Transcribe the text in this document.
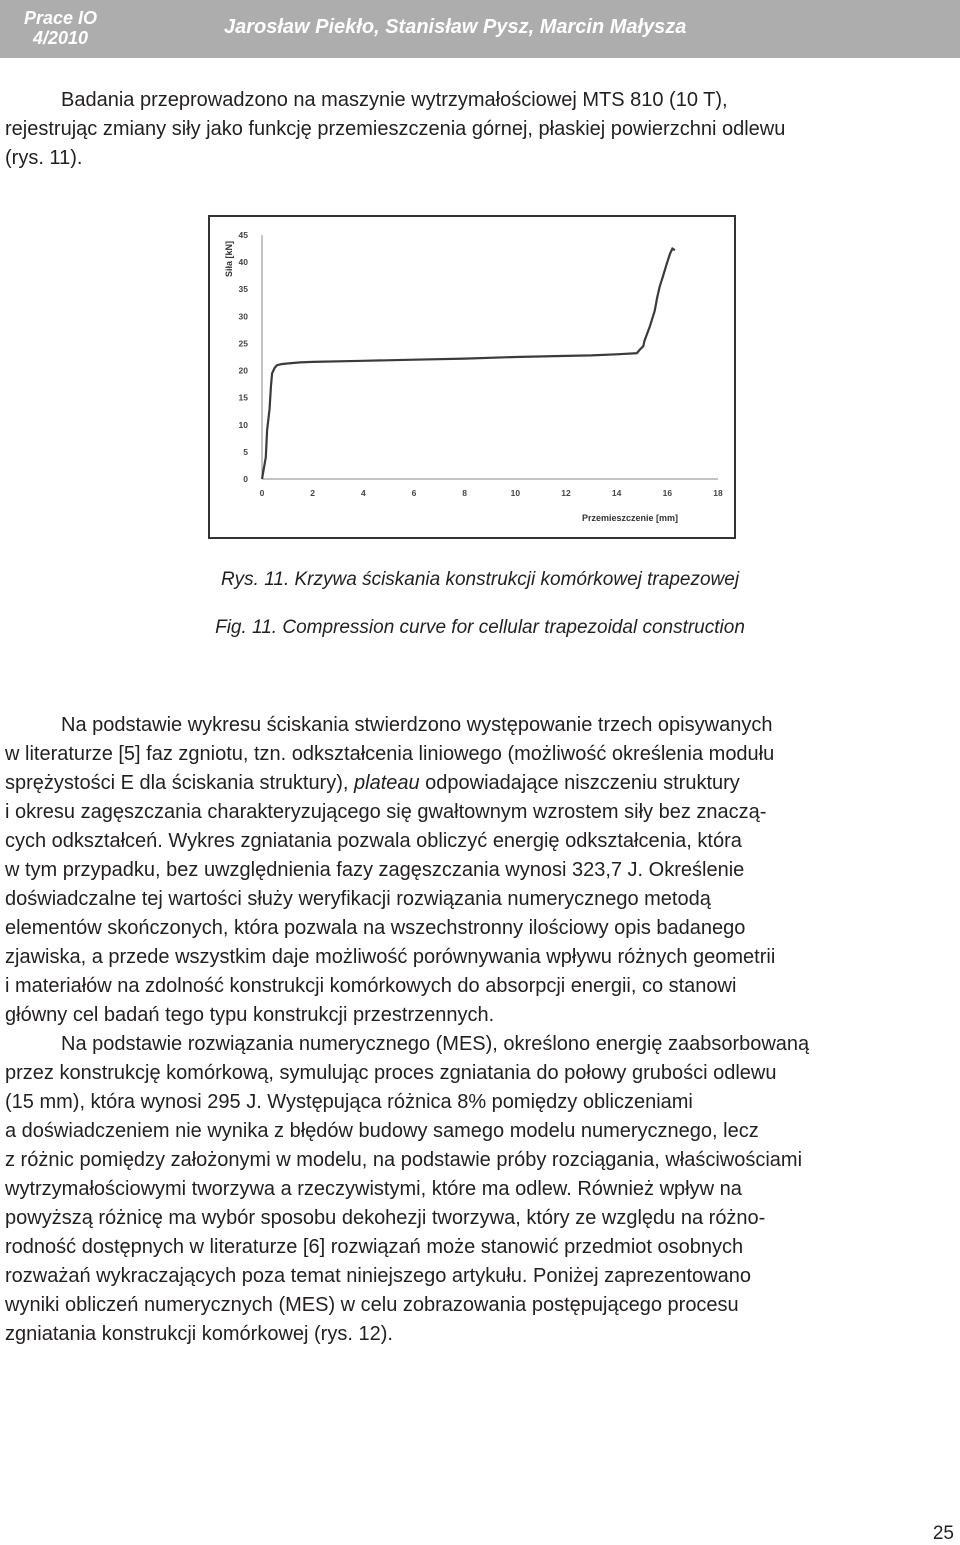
Prace IO
4/2010	Jarosław Piekło, Stanisław Pysz, Marcin Małysza
Badania przeprowadzono na maszynie wytrzymałościowej MTS 810 (10 T),
rejestrując zmiany siły jako funkcję przemieszczenia górnej, płaskiej powierzchni odlewu
(rys. 11).
0
5
10
15
20
25
30
35
40
45
0	2	4	6	8	10	12	14	16	18
Siła [kN]
Przemieszczenie [mm]
Rys. 11. Krzywa ściskania konstrukcji komórkowej trapezowej
Fig. 11. Compression curve for cellular trapezoidal construction
Na podstawie wykresu ściskania stwierdzono występowanie trzech opisywanych
w literaturze [5] faz zgniotu, tzn. odkształcenia liniowego (możliwość określenia modułu
sprężystości E dla ściskania struktury), plateau odpowiadające niszczeniu struktury
i okresu zagęszczania charakteryzującego się gwałtownym wzrostem siły bez znaczą-
cych odkształceń. Wykres zgniatania pozwala obliczyć energię odkształcenia, która
w tym przypadku, bez uwzględnienia fazy zagęszczania wynosi 323,7 J. Określenie
doświadczalne tej wartości służy weryfikacji rozwiązania numerycznego metodą
elementów skończonych, która pozwala na wszechstronny ilościowy opis badanego
zjawiska, a przede wszystkim daje możliwość porównywania wpływu różnych geometrii
i materiałów na zdolność konstrukcji komórkowych do absorpcji energii, co stanowi
główny cel badań tego typu konstrukcji przestrzennych.
Na podstawie rozwiązania numerycznego (MES), określono energię zaabsorbowaną
przez konstrukcję komórkową, symulując proces zgniatania do połowy grubości odlewu
(15 mm), która wynosi 295 J. Występująca różnica 8% pomiędzy obliczeniami
a doświadczeniem nie wynika z błędów budowy samego modelu numerycznego, lecz
z różnic pomiędzy założonymi w modelu, na podstawie próby rozciągania, właściwościami
wytrzymałościowymi tworzywa a rzeczywistymi, które ma odlew. Również wpływ na
powyższą różnicę ma wybór sposobu dekohezji tworzywa, który ze względu na różno-
rodność dostępnych w literaturze [6] rozwiązań może stanowić przedmiot osobnych
rozważań wykraczających poza temat niniejszego artykułu. Poniżej zaprezentowano
wyniki obliczeń numerycznych (MES) w celu zobrazowania postępującego procesu
zgniatania konstrukcji komórkowej (rys. 12).
25
